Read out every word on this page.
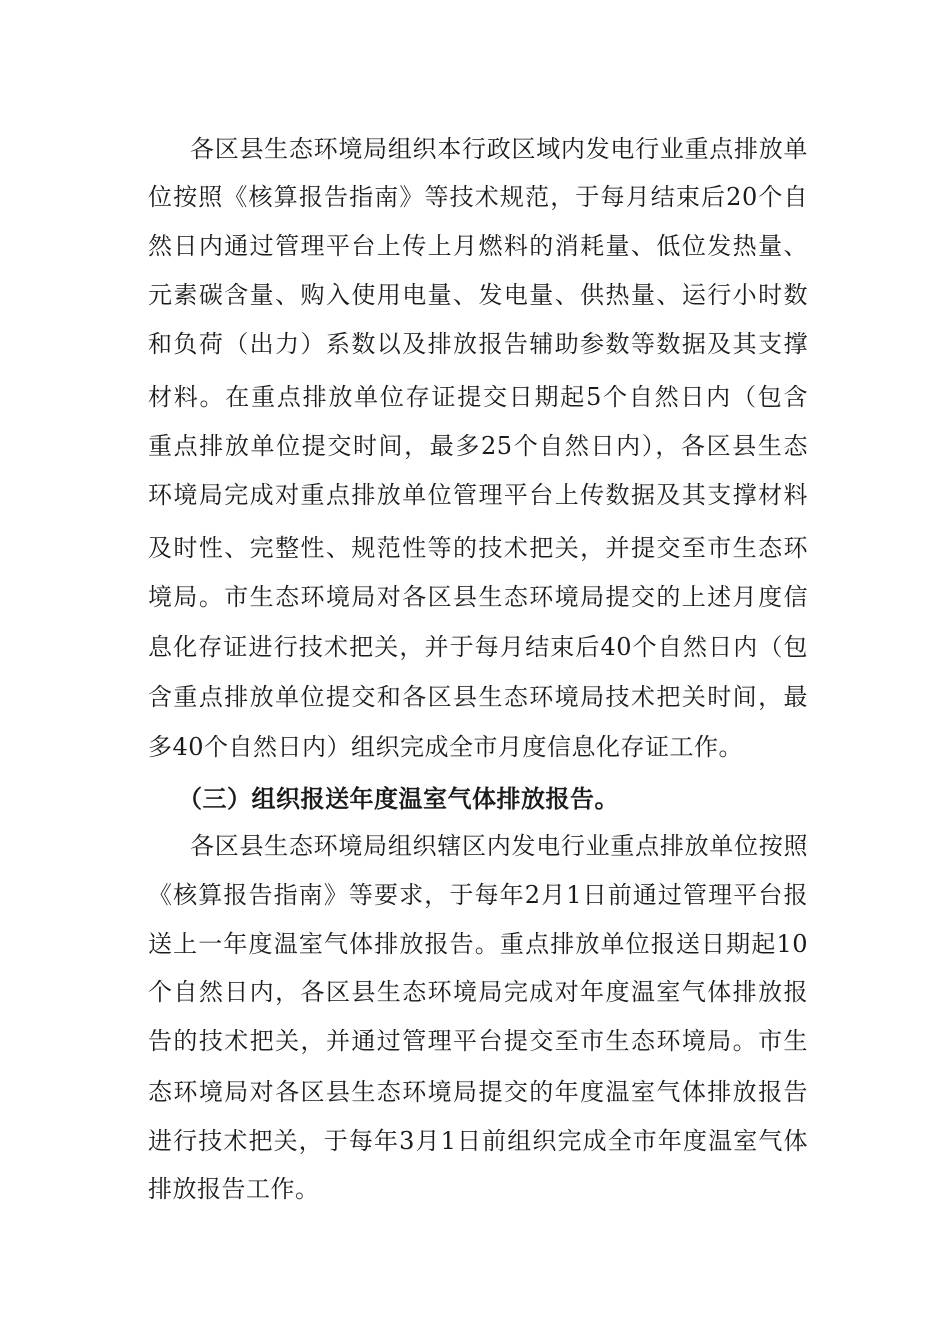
各区县生态环境局组织本行政区域内发电行业重点排放单
位按照《核算报告指南》等技术规范，于每月结束后20个自
然日内通过管理平台上传上月燃料的消耗量、低位发热量、
元素碳含量、购入使用电量、发电量、供热量、运行小时数
和负荷（出力）系数以及排放报告辅助参数等数据及其支撑
材料。在重点排放单位存证提交日期起5个自然日内（包含
重点排放单位提交时间，最多25个自然日内），各区县生态
环境局完成对重点排放单位管理平台上传数据及其支撑材料
及时性、完整性、规范性等的技术把关，并提交至市生态环
境局。市生态环境局对各区县生态环境局提交的上述月度信
息化存证进行技术把关，并于每月结束后40个自然日内（包
含重点排放单位提交和各区县生态环境局技术把关时间，最
多40个自然日内）组织完成全市月度信息化存证工作。
（三）组织报送年度温室气体排放报告。
各区县生态环境局组织辖区内发电行业重点排放单位按照
《核算报告指南》等要求，于每年2月1日前通过管理平台报
送上一年度温室气体排放报告。重点排放单位报送日期起10
个自然日内，各区县生态环境局完成对年度温室气体排放报
告的技术把关，并通过管理平台提交至市生态环境局。市生
态环境局对各区县生态环境局提交的年度温室气体排放报告
进行技术把关，于每年3月1日前组织完成全市年度温室气体
排放报告工作。
